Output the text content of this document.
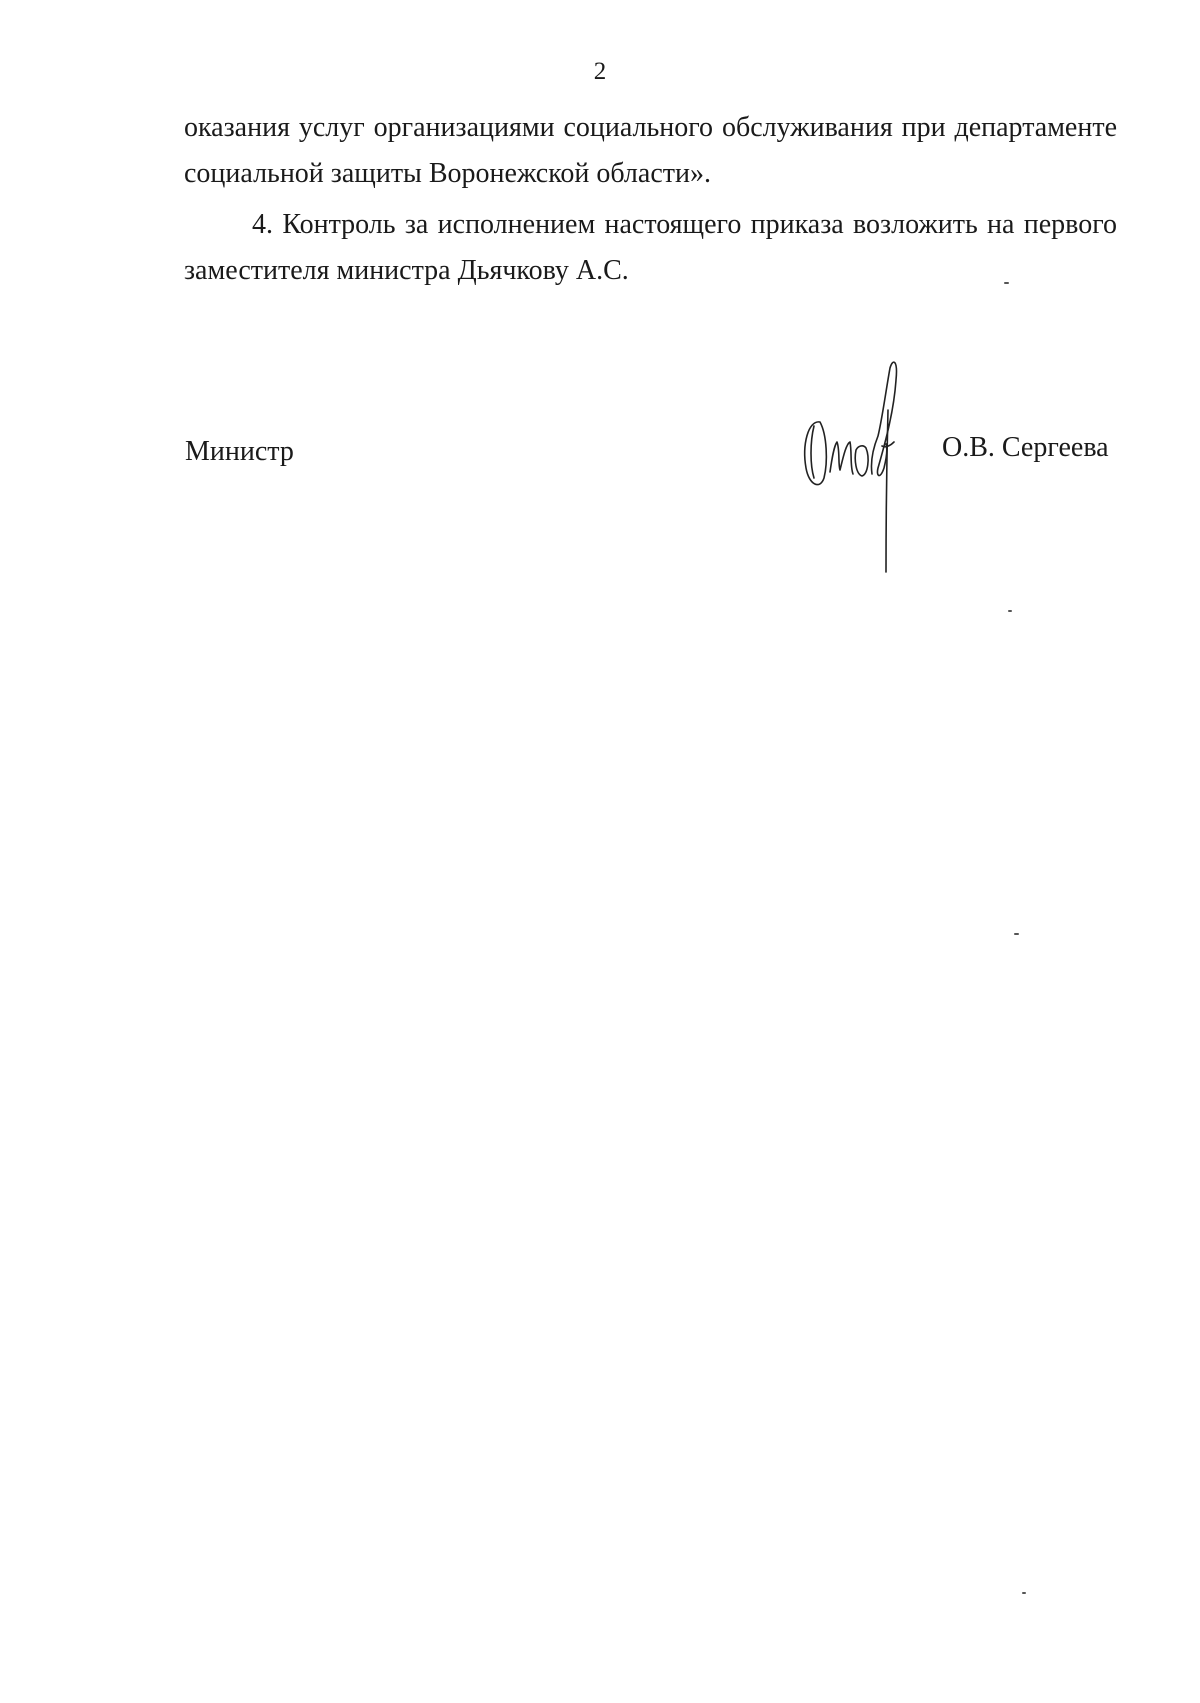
2

оказания услуг организациями социального обслуживания при департаменте социальной защиты Воронежской области».

4. Контроль за исполнением настоящего приказа возложить на первого заместителя министра Дьячкову А.С.

Министр	О.В. Сергеева
